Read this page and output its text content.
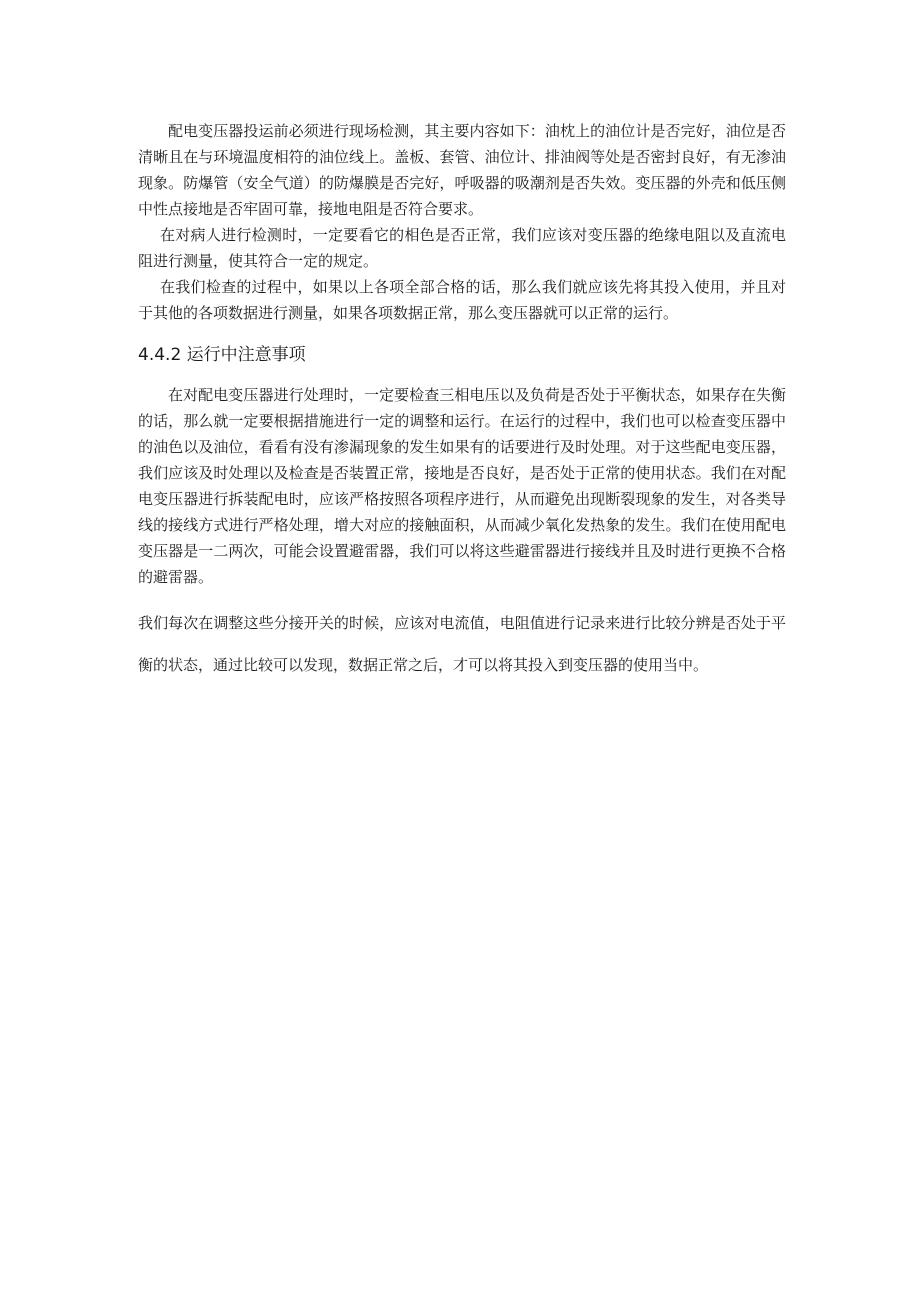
配电变压器投运前必须进行现场检测，其主要内容如下：油枕上的油位计是否完好，油位是否清晰且在与环境温度相符的油位线上。盖板、套管、油位计、排油阀等处是否密封良好，有无渗油现象。防爆管（安全气道）的防爆膜是否完好，呼吸器的吸潮剂是否失效。变压器的外壳和低压侧中性点接地是否牢固可靠，接地电阻是否符合要求。

在对病人进行检测时，一定要看它的相色是否正常，我们应该对变压器的绝缘电阻以及直流电阻进行测量，使其符合一定的规定。

在我们检查的过程中，如果以上各项全部合格的话，那么我们就应该先将其投入使用，并且对于其他的各项数据进行测量，如果各项数据正常，那么变压器就可以正常的运行。

4.4.2 运行中注意事项

在对配电变压器进行处理时，一定要检查三相电压以及负荷是否处于平衡状态，如果存在失衡的话，那么就一定要根据措施进行一定的调整和运行。在运行的过程中，我们也可以检查变压器中的油色以及油位，看看有没有渗漏现象的发生如果有的话要进行及时处理。对于这些配电变压器，我们应该及时处理以及检查是否装置正常，接地是否良好，是否处于正常的使用状态。我们在对配电变压器进行拆装配电时，应该严格按照各项程序进行，从而避免出现断裂现象的发生，对各类导线的接线方式进行严格处理，增大对应的接触面积，从而减少氧化发热象的发生。我们在使用配电变压器是一二两次，可能会设置避雷器，我们可以将这些避雷器进行接线并且及时进行更换不合格的避雷器。

我们每次在调整这些分接开关的时候，应该对电流值，电阻值进行记录来进行比较分辨是否处于平衡的状态，通过比较可以发现，数据正常之后，才可以将其投入到变压器的使用当中。
